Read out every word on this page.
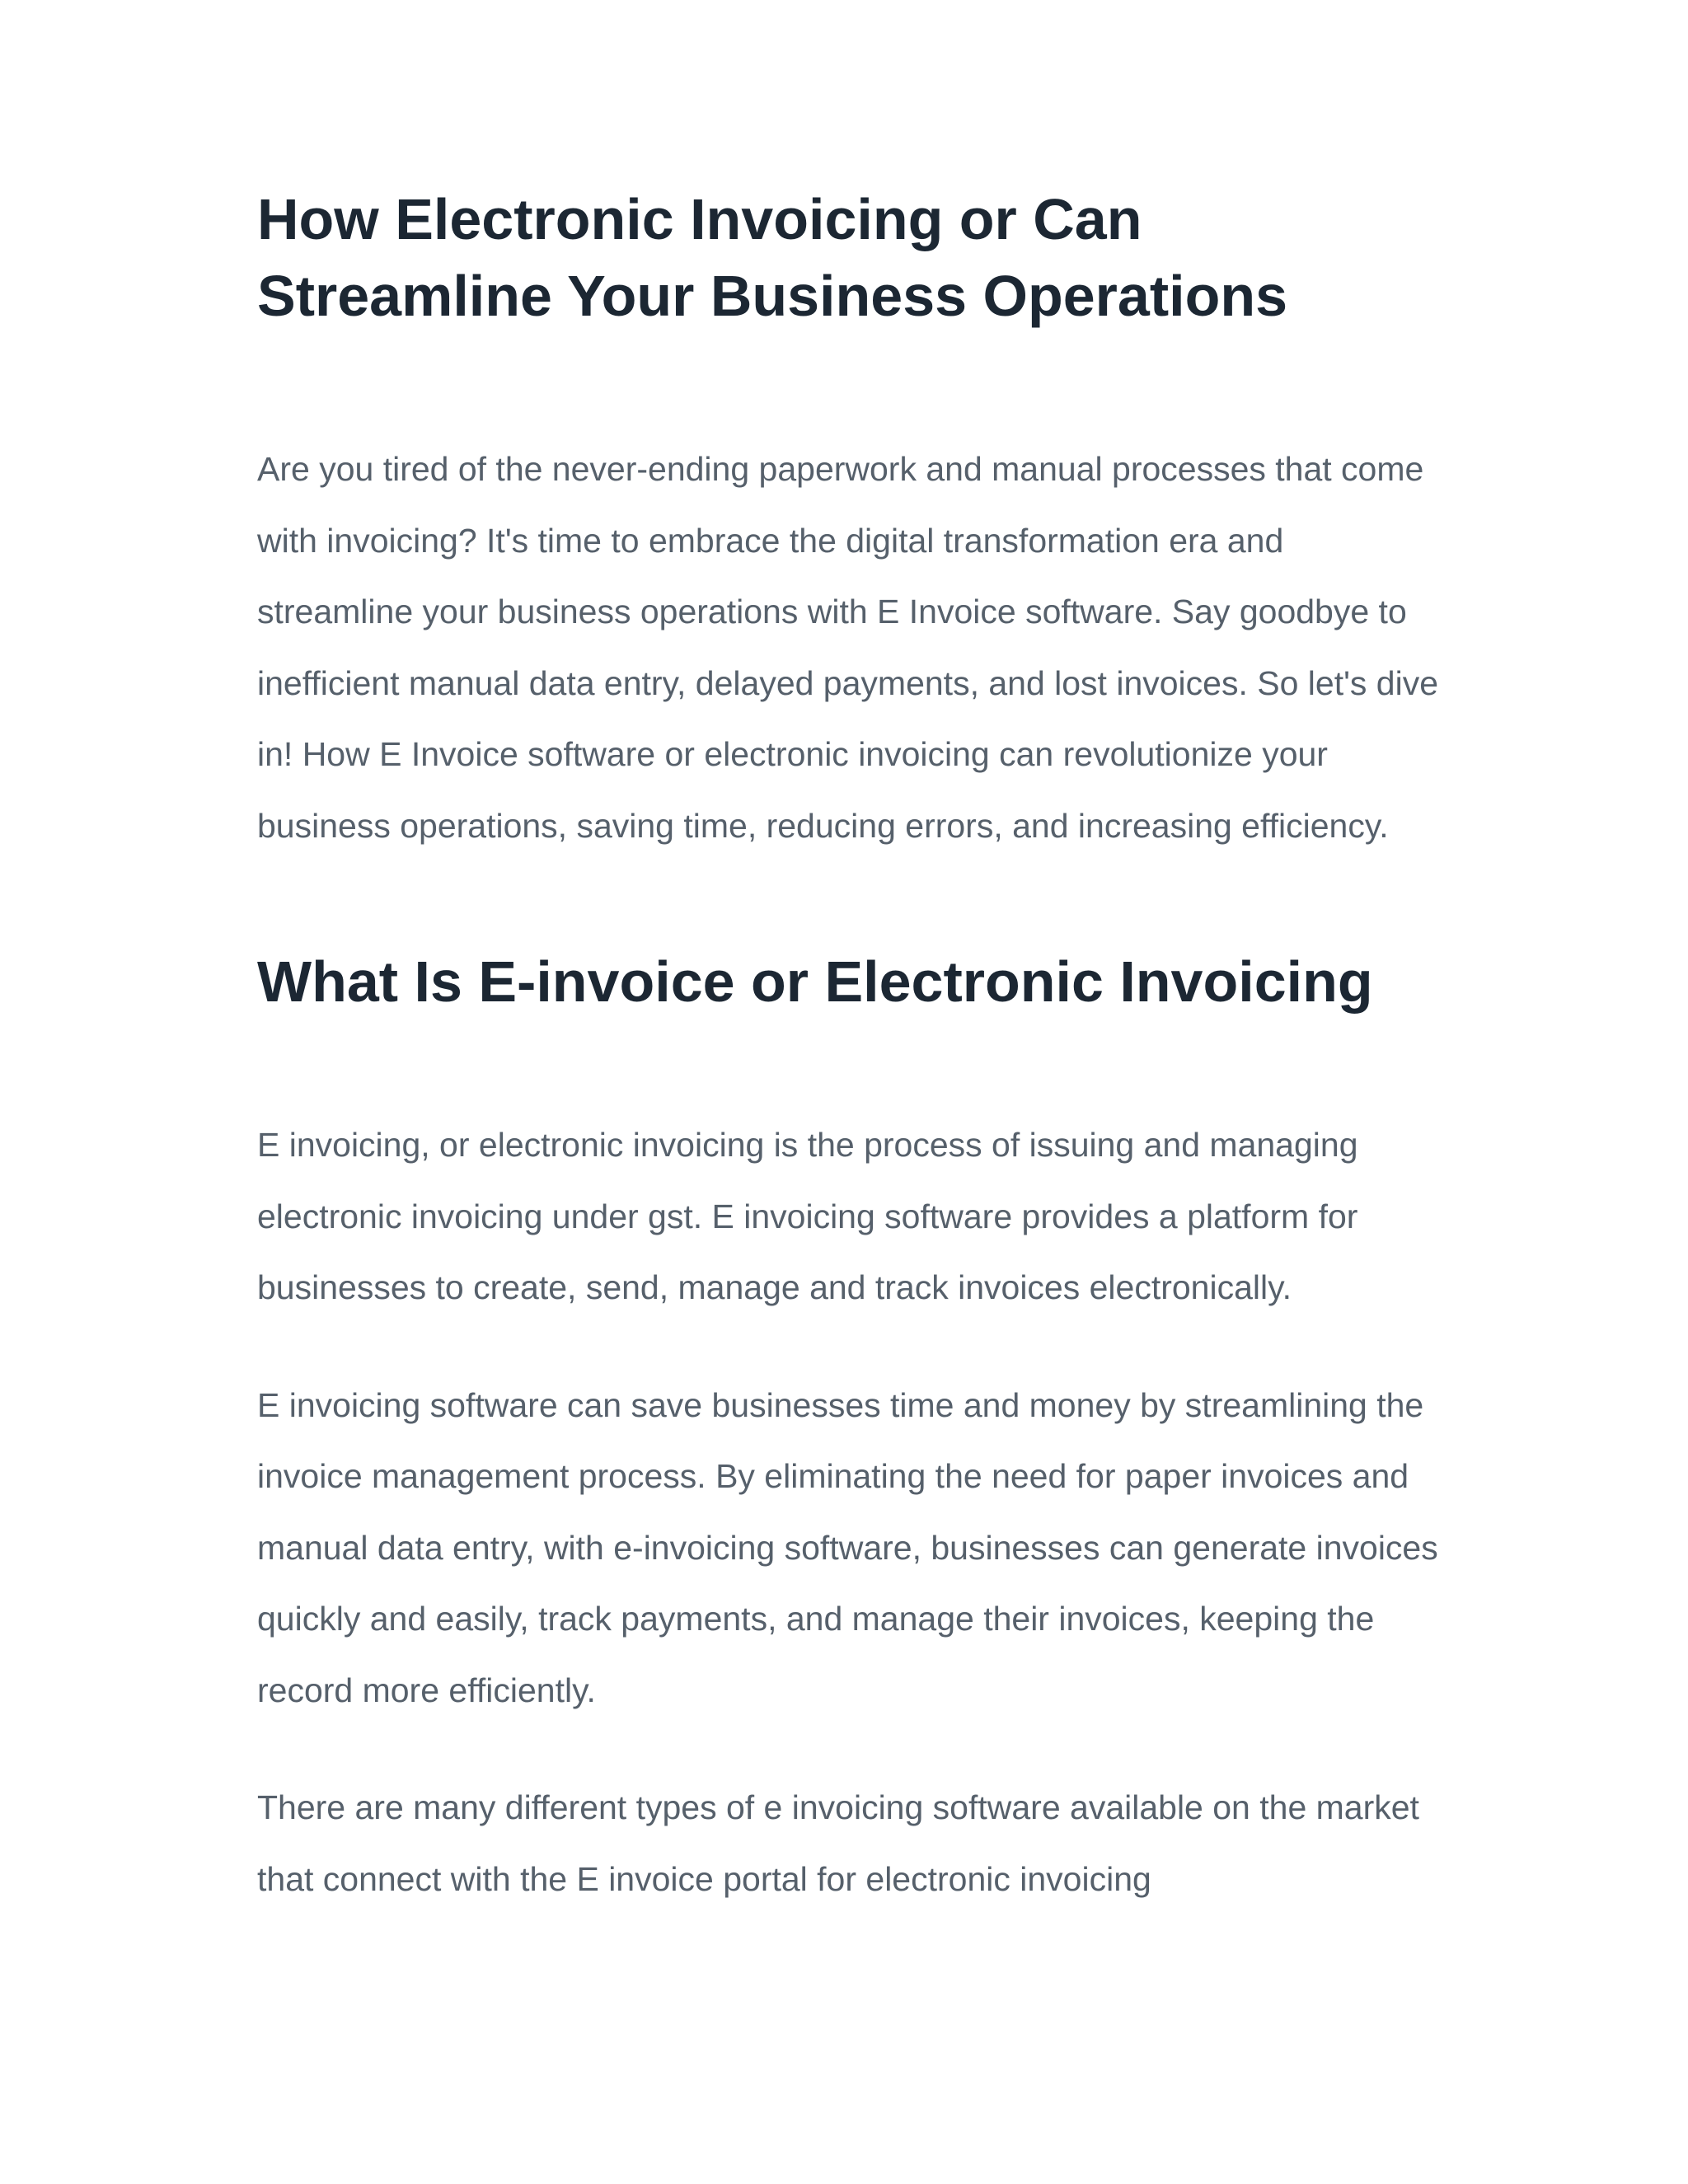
How Electronic Invoicing or Can Streamline Your Business Operations

Are you tired of the never-ending paperwork and manual processes that come with invoicing? It's time to embrace the digital transformation era and streamline your business operations with E Invoice software. Say goodbye to inefficient manual data entry, delayed payments, and lost invoices. So let's dive in! How E Invoice software or electronic invoicing can revolutionize your business operations, saving time, reducing errors, and increasing efficiency.

What Is E-invoice or Electronic Invoicing

E invoicing, or electronic invoicing is the process of issuing and managing electronic invoicing under gst. E invoicing software provides a platform for businesses to create, send, manage and track invoices electronically.

E invoicing software can save businesses time and money by streamlining the invoice management process. By eliminating the need for paper invoices and manual data entry, with e-invoicing software, businesses can generate invoices quickly and easily, track payments, and manage their invoices, keeping the record more efficiently.

There are many different types of e invoicing software available on the market that connect with the E invoice portal for electronic invoicing
